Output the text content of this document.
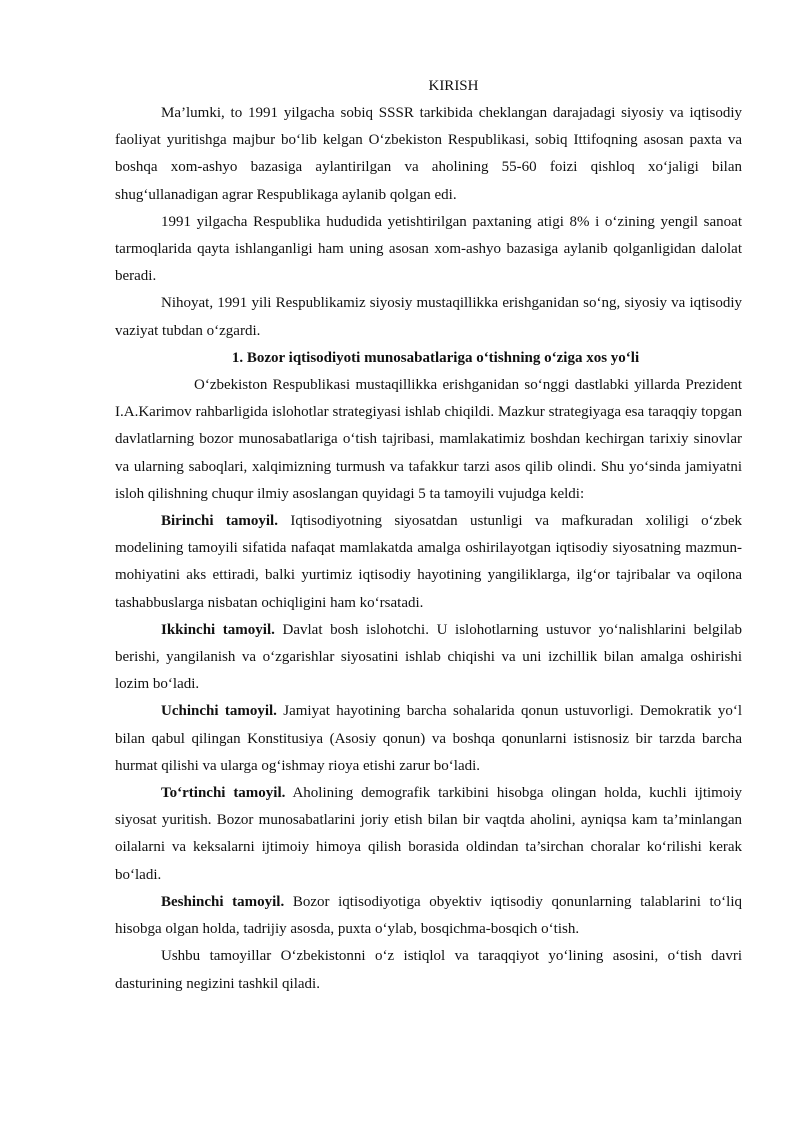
KIRISH

Ma’lumki, to 1991 yilgacha sobiq SSSR tarkibida cheklangan darajadagi siyosiy va iqtisodiy faoliyat yuritishga majbur bo‘lib kelgan O‘zbekiston Respublikasi, sobiq Ittifoqning asosan paxta va boshqa xom-ashyo bazasiga aylantirilgan va aholining 55-60 foizi qishloq xo‘jaligi bilan shug‘ullanadigan agrar Respublikaga aylanib qolgan edi.

1991 yilgacha Respublika hududida yetishtirilgan paxtaning atigi 8% i o‘zining yengil sanoat tarmoqlarida qayta ishlanganligi ham uning asosan xom-ashyo bazasiga aylanib qolganligidan dalolat beradi.

Nihoyat, 1991 yili Respublikamiz siyosiy mustaqillikka erishganidan so‘ng, siyosiy va iqtisodiy vaziyat tubdan o‘zgardi.

1. Bozor iqtisodiyoti munosabatlariga o‘tishning o‘ziga xos yo‘li

O‘zbekiston Respublikasi mustaqillikka erishganidan so‘nggi dastlabki yillarda Prezident I.A.Karimov rahbarligida islohotlar strategiyasi ishlab chiqildi. Mazkur strategiyaga esa taraqqiy topgan davlatlarning bozor munosabatlariga o‘tish tajribasi, mamlakatimiz boshdan kechirgan tarixiy sinovlar va ularning saboqlari, xalqimizning turmush va tafakkur tarzi asos qilib olindi. Shu yo‘sinda jamiyatni isloh qilishning chuqur ilmiy asoslangan quyidagi 5 ta tamoyili vujudga keldi:

Birinchi tamoyil. Iqtisodiyotning siyosatdan ustunligi va mafkuradan xoliligi o‘zbek modelining tamoyili sifatida nafaqat mamlakatda amalga oshirilayotgan iqtisodiy siyosatning mazmun-mohiyatini aks ettiradi, balki yurtimiz iqtisodiy hayotining yangiliklarga, ilg‘or tajribalar va oqilona tashabbuslarga nisbatan ochiqligini ham ko‘rsatadi.

Ikkinchi tamoyil. Davlat bosh islohotchi. U islohotlarning ustuvor yo‘nalishlarini belgilab berishi, yangilanish va o‘zgarishlar siyosatini ishlab chiqishi va uni izchillik bilan amalga oshirishi lozim bo‘ladi.

Uchinchi tamoyil. Jamiyat hayotining barcha sohalarida qonun ustuvorligi. Demokratik yo‘l bilan qabul qilingan Konstitusiya (Asosiy qonun) va boshqa qonunlarni istisnosiz bir tarzda barcha hurmat qilishi va ularga og‘ishmay rioya etishi zarur bo‘ladi.

To‘rtinchi tamoyil. Aholining demografik tarkibini hisobga olingan holda, kuchli ijtimoiy siyosat yuritish. Bozor munosabatlarini joriy etish bilan bir vaqtda aholini, ayniqsa kam ta’minlangan oilalarni va keksalarni ijtimoiy himoya qilish borasida oldindan ta’sirchan choralar ko‘rilishi kerak bo‘ladi.

Beshinchi tamoyil. Bozor iqtisodiyotiga obyektiv iqtisodiy qonunlarning talablarini to‘liq hisobga olgan holda, tadrijiy asosda, puxta o‘ylab, bosqichma-bosqich o‘tish.

Ushbu tamoyillar O‘zbekistonni o‘z istiqlol va taraqqiyot yo‘lining asosini, o‘tish davri dasturining negizini tashkil qiladi.
